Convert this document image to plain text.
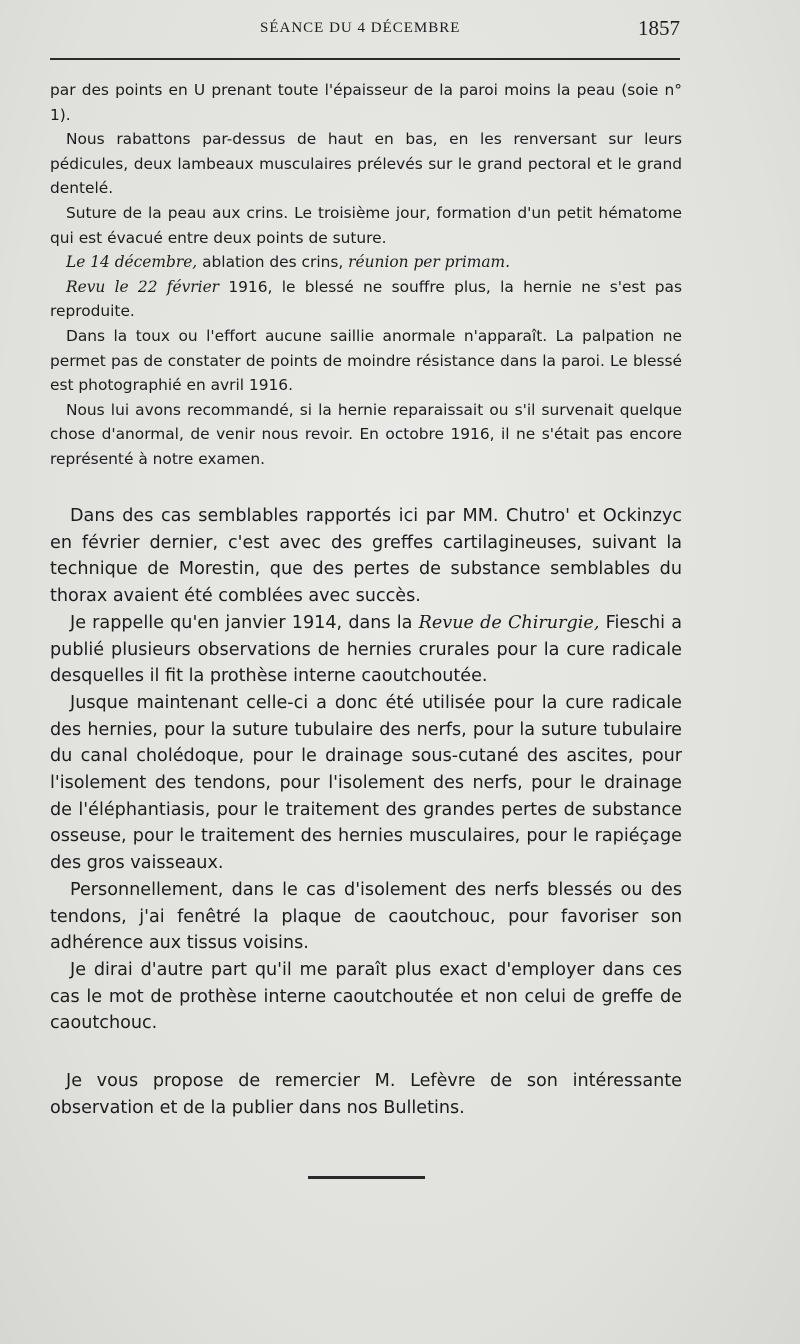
SÉANCE DU 4 DÉCEMBRE	1857

par des points en U prenant toute l'épaisseur de la paroi moins la peau (soie n° 1).

Nous rabattons par-dessus de haut en bas, en les renversant sur leurs pédicules, deux lambeaux musculaires prélevés sur le grand pectoral et le grand dentelé.

Suture de la peau aux crins. Le troisième jour, formation d'un petit hématome qui est évacué entre deux points de suture.

Le 14 décembre, ablation des crins, réunion per primam.

Revu le 22 février 1916, le blessé ne souffre plus, la hernie ne s'est pas reproduite.

Dans la toux ou l'effort aucune saillie anormale n'apparaît. La palpation ne permet pas de constater de points de moindre résistance dans la paroi. Le blessé est photographié en avril 1916.

Nous lui avons recommandé, si la hernie reparaissait ou s'il survenait quelque chose d'anormal, de venir nous revoir. En octobre 1916, il ne s'était pas encore représenté à notre examen.

Dans des cas semblables rapportés ici par MM. Chutro' et Ockinzyc en février dernier, c'est avec des greffes cartilagineuses, suivant la technique de Morestin, que des pertes de substance semblables du thorax avaient été comblées avec succès.

Je rappelle qu'en janvier 1914, dans la Revue de Chirurgie, Fieschi a publié plusieurs observations de hernies crurales pour la cure radicale desquelles il fit la prothèse interne caoutchoutée.

Jusque maintenant celle-ci a donc été utilisée pour la cure radicale des hernies, pour la suture tubulaire des nerfs, pour la suture tubulaire du canal cholédoque, pour le drainage sous-cutané des ascites, pour l'isolement des tendons, pour l'isolement des nerfs, pour le drainage de l'éléphantiasis, pour le traitement des grandes pertes de substance osseuse, pour le traitement des hernies musculaires, pour le rapiéçage des gros vaisseaux.

Personnellement, dans le cas d'isolement des nerfs blessés ou des tendons, j'ai fenêtré la plaque de caoutchouc, pour favoriser son adhérence aux tissus voisins.

Je dirai d'autre part qu'il me paraît plus exact d'employer dans ces cas le mot de prothèse interne caoutchoutée et non celui de greffe de caoutchouc.

Je vous propose de remercier M. Lefèvre de son intéressante observation et de la publier dans nos Bulletins.
